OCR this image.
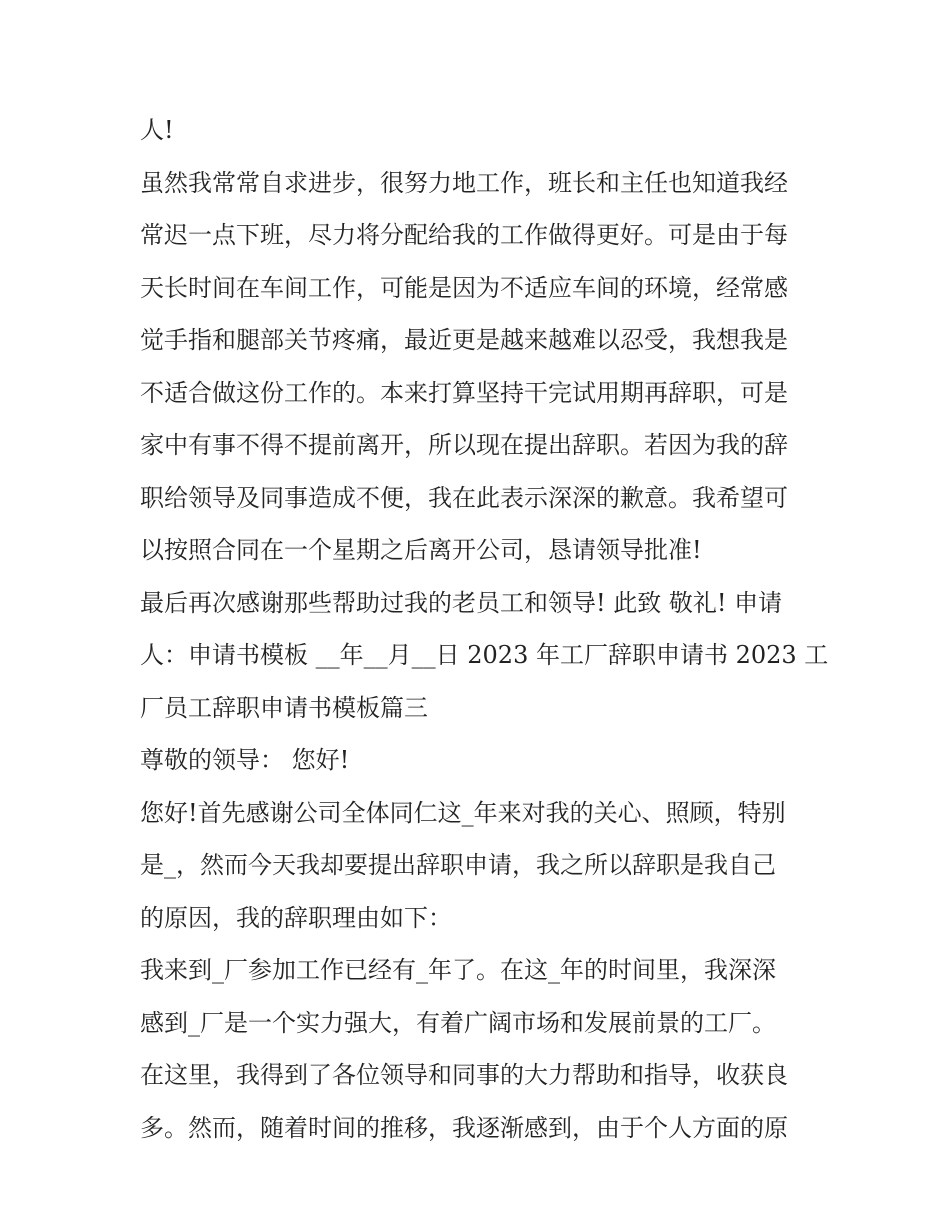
人!
虽然我常常自求进步，很努力地工作，班长和主任也知道我经
常迟一点下班，尽力将分配给我的工作做得更好。可是由于每
天长时间在车间工作，可能是因为不适应车间的环境，经常感
觉手指和腿部关节疼痛，最近更是越来越难以忍受，我想我是
不适合做这份工作的。本来打算坚持干完试用期再辞职，可是
家中有事不得不提前离开，所以现在提出辞职。若因为我的辞
职给领导及同事造成不便，我在此表示深深的歉意。我希望可
以按照合同在一个星期之后离开公司，恳请领导批准!
最后再次感谢那些帮助过我的老员工和领导! 此致 敬礼! 申请
人：申请书模板 __年__月__日 2023 年工厂辞职申请书 2023 工
厂员工辞职申请书模板篇三
尊敬的领导： 您好!
您好!首先感谢公司全体同仁这_年来对我的关心、照顾，特别
是_，然而今天我却要提出辞职申请，我之所以辞职是我自己
的原因，我的辞职理由如下：
我来到_厂参加工作已经有_年了。在这_年的时间里，我深深
感到_厂是一个实力强大，有着广阔市场和发展前景的工厂。
在这里，我得到了各位领导和同事的大力帮助和指导，收获良
多。然而，随着时间的推移，我逐渐感到，由于个人方面的原
